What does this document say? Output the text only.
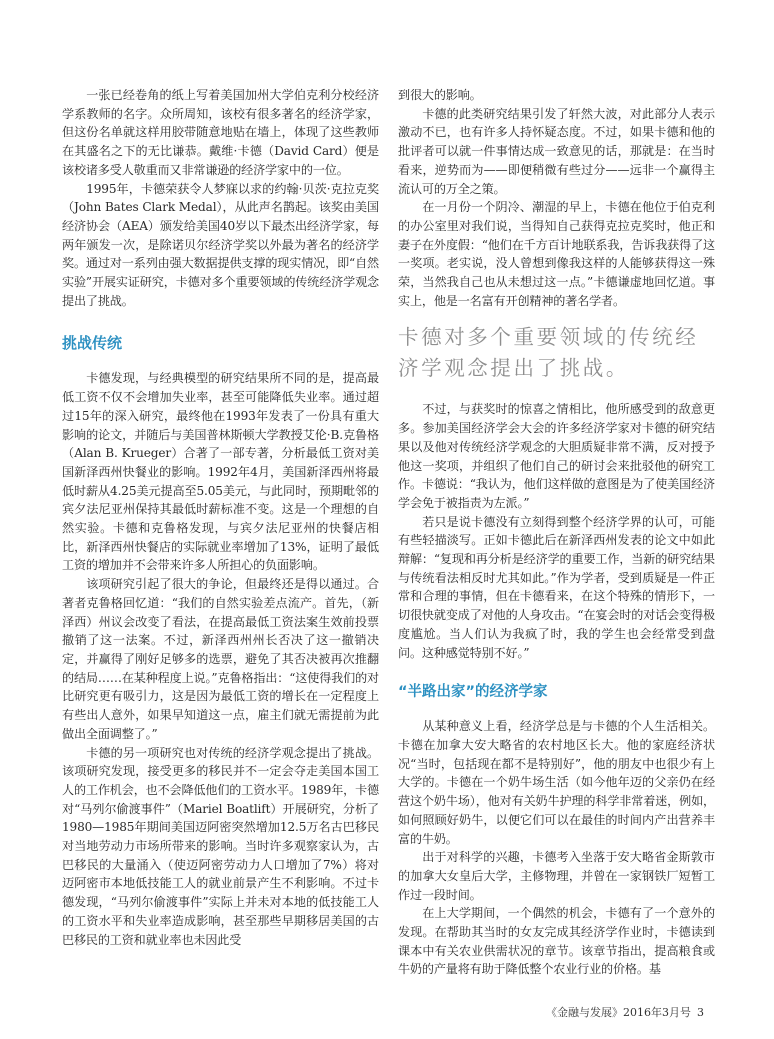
一张已经卷角的纸上写着美国加州大学伯克利分校经济学系教师的名字。众所周知，该校有很多著名的经济学家，但这份名单就这样用胶带随意地贴在墙上，体现了这些教师在其盛名之下的无比谦恭。戴维·卡德（David Card）便是该校诸多受人敬重而又非常谦逊的经济学家中的一位。

1995年，卡德荣获令人梦寐以求的约翰·贝茨·克拉克奖（John Bates Clark Medal），从此声名鹊起。该奖由美国经济协会（AEA）颁发给美国40岁以下最杰出经济学家，每两年颁发一次，是除诺贝尔经济学奖以外最为著名的经济学奖。通过对一系列由强大数据提供支撑的现实情况，即“自然实验”开展实证研究，卡德对多个重要领域的传统经济学观念提出了挑战。

挑战传统

卡德发现，与经典模型的研究结果所不同的是，提高最低工资不仅不会增加失业率，甚至可能降低失业率。通过超过15年的深入研究，最终他在1993年发表了一份具有重大影响的论文，并随后与美国普林斯顿大学教授艾伦·B.克鲁格（Alan B. Krueger）合著了一部专著，分析最低工资对美国新泽西州快餐业的影响。1992年4月，美国新泽西州将最低时薪从4.25美元提高至5.05美元，与此同时，预期毗邻的宾夕法尼亚州保持其最低时薪标准不变。这是一个理想的自然实验。卡德和克鲁格发现，与宾夕法尼亚州的快餐店相比，新泽西州快餐店的实际就业率增加了13%，证明了最低工资的增加并不会带来许多人所担心的负面影响。

该项研究引起了很大的争论，但最终还是得以通过。合著者克鲁格回忆道：“我们的自然实验差点流产。首先，（新泽西）州议会改变了看法，在提高最低工资法案生效前投票撤销了这一法案。不过，新泽西州州长否决了这一撤销决定，并赢得了刚好足够多的选票，避免了其否决被再次推翻的结局……在某种程度上说。”克鲁格指出：“这使得我们的对比研究更有吸引力，这是因为最低工资的增长在一定程度上有些出人意外，如果早知道这一点，雇主们就无需提前为此做出全面调整了。”

卡德的另一项研究也对传统的经济学观念提出了挑战。该项研究发现，接受更多的移民并不一定会夺走美国本国工人的工作机会，也不会降低他们的工资水平。1989年，卡德对“马列尔偷渡事件”（Mariel Boatlift）开展研究，分析了1980—1985年期间美国迈阿密突然增加12.5万名古巴移民对当地劳动力市场所带来的影响。当时许多观察家认为，古巴移民的大量涌入（使迈阿密劳动力人口增加了7%）将对迈阿密市本地低技能工人的就业前景产生不利影响。不过卡德发现，“马列尔偷渡事件”实际上并未对本地的低技能工人的工资水平和失业率造成影响，甚至那些早期移居美国的古巴移民的工资和就业率也未因此受

到很大的影响。

卡德的此类研究结果引发了轩然大波，对此部分人表示激动不已，也有许多人持怀疑态度。不过，如果卡德和他的批评者可以就一件事情达成一致意见的话，那就是：在当时看来，逆势而为——即便稍微有些过分——远非一个赢得主流认可的万全之策。

在一月份一个阴冷、潮湿的早上，卡德在他位于伯克利的办公室里对我们说，当得知自己获得克拉克奖时，他正和妻子在外度假：“他们在千方百计地联系我，告诉我获得了这一奖项。老实说，没人曾想到像我这样的人能够获得这一殊荣，当然我自己也从未想过这一点。”卡德谦虚地回忆道。事实上，他是一名富有开创精神的著名学者。

卡德对多个重要领域的传统经济学观念提出了挑战。

不过，与获奖时的惊喜之情相比，他所感受到的敌意更多。参加美国经济学会大会的许多经济学家对卡德的研究结果以及他对传统经济学观念的大胆质疑非常不满，反对授予他这一奖项，并组织了他们自己的研讨会来批驳他的研究工作。卡德说：“我认为，他们这样做的意图是为了使美国经济学会免于被指责为左派。”

若只是说卡德没有立刻得到整个经济学界的认可，可能有些轻描淡写。正如卡德此后在新泽西州发表的论文中如此辩解：“复现和再分析是经济学的重要工作，当新的研究结果与传统看法相反时尤其如此。”作为学者，受到质疑是一件正常和合理的事情，但在卡德看来，在这个特殊的情形下，一切很快就变成了对他的人身攻击。“在宴会时的对话会变得极度尴尬。当人们认为我疯了时，我的学生也会经常受到盘问。这种感觉特别不好。”

“半路出家”的经济学家

从某种意义上看，经济学总是与卡德的个人生活相关。卡德在加拿大安大略省的农村地区长大。他的家庭经济状况“当时，包括现在都不是特别好”，他的朋友中也很少有上大学的。卡德在一个奶牛场生活（如今他年迈的父亲仍在经营这个奶牛场），他对有关奶牛护理的科学非常着迷，例如，如何照顾好奶牛，以便它们可以在最佳的时间内产出营养丰富的牛奶。

出于对科学的兴趣，卡德考入坐落于安大略省金斯敦市的加拿大女皇后大学，主修物理，并曾在一家钢铁厂短暂工作过一段时间。

在上大学期间，一个偶然的机会，卡德有了一个意外的发现。在帮助其当时的女友完成其经济学作业时，卡德读到课本中有关农业供需状况的章节。该章节指出，提高粮食或牛奶的产量将有助于降低整个农业行业的价格。基

《金融与发展》2016年3月号 3
